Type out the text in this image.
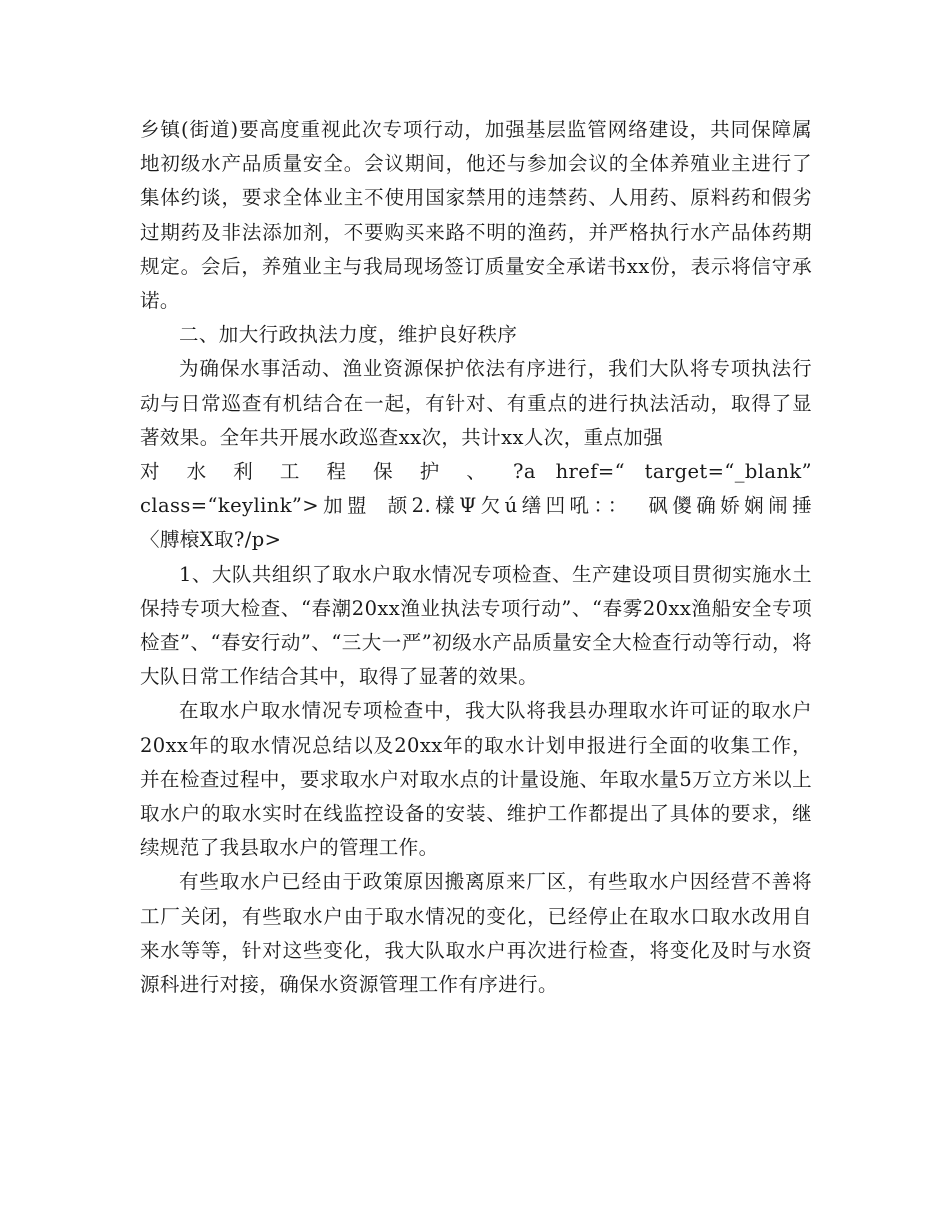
乡镇(街道)要高度重视此次专项行动，加强基层监管网络建设，共同保障属地初级水产品质量安全。会议期间，他还与参加会议的全体养殖业主进行了集体约谈，要求全体业主不使用国家禁用的违禁药、人用药、原料药和假劣过期药及非法添加剂，不要购买来路不明的渔药，并严格执行水产品体药期规定。会后，养殖业主与我局现场签订质量安全承诺书xx份，表示将信守承诺。

二、加大行政执法力度，维护良好秩序

为确保水事活动、渔业资源保护依法有序进行，我们大队将专项执法行动与日常巡查有机结合在一起，有针对、有重点的进行执法活动，取得了显著效果。全年共开展水政巡查xx次，共计xx人次，重点加强

对 水 利 工 程 保 护 、 ?a href=“ target=“_blank” class=“keylink”>加盟 颉2.樣Ψ欠ú缮凹吼：： 砜儍确娇娴闹捶

〈膊榱Ⅹ取?/p>

1、大队共组织了取水户取水情况专项检查、生产建设项目贯彻实施水土保持专项大检查、“春潮20xx渔业执法专项行动”、“春雾20xx渔船安全专项检查”、“春安行动”、“三大一严”初级水产品质量安全大检查行动等行动，将大队日常工作结合其中，取得了显著的效果。

在取水户取水情况专项检查中，我大队将我县办理取水许可证的取水户20xx年的取水情况总结以及20xx年的取水计划申报进行全面的收集工作，并在检查过程中，要求取水户对取水点的计量设施、年取水量5万立方米以上取水户的取水实时在线监控设备的安装、维护工作都提出了具体的要求，继续规范了我县取水户的管理工作。

有些取水户已经由于政策原因搬离原来厂区，有些取水户因经营不善将工厂关闭，有些取水户由于取水情况的变化，已经停止在取水口取水改用自来水等等，针对这些变化，我大队取水户再次进行检查，将变化及时与水资源科进行对接，确保水资源管理工作有序进行。
